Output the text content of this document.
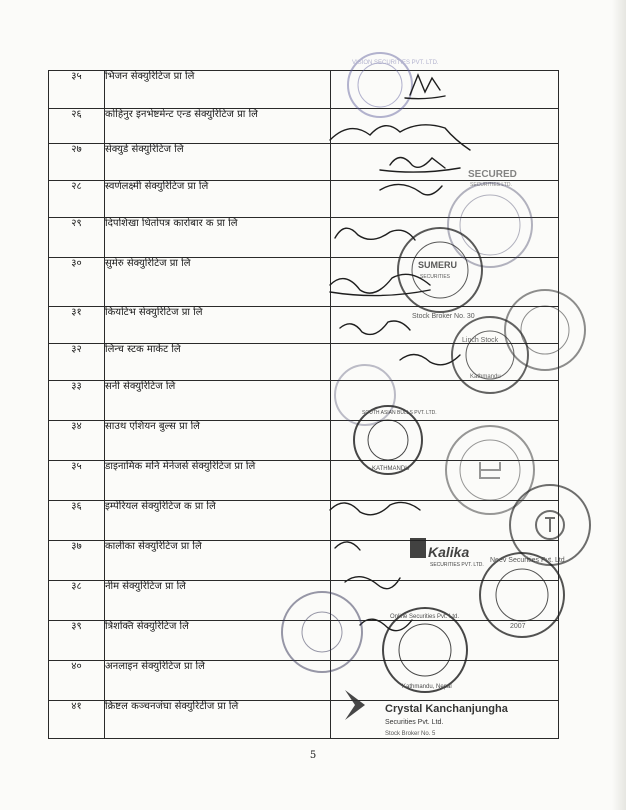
३५	भिजन सेक्युरिटिज प्रा लि	
२६	कोहिनुर इनभेष्टमेन्ट एन्ड सेक्युरिटिज प्रा लि	
२७	सेक्युर्ड सेक्युरिटिज लि	
२८	स्वर्णलक्ष्मी सेक्युरिटिज प्रा लि	
२९	दिपशिखा धितोपत्र कारोबार क प्रा लि	
३०	सुमेरु सेक्युरिटिज प्रा लि	
३१	कियटिभ सेक्युरिटिज प्रा लि	
३२	लिन्च स्टक मार्केट लि	
३३	सनी सेक्युरिटिज लि	
३४	साउथ एशियन बुल्स प्रा लि	
३५	डाइनामिक मनि मेनेजर्स सेक्युरिटिज प्रा लि	
३६	इम्पेरियल सेक्युरिटिज क प्रा लि	
३७	कालीका सेक्युरिटिज प्रा लि	
३८	नीम सेक्युरिटिज प्रा लि	
३९	त्रिशक्ति सेक्युरिटिज लि	
४०	अनलाइन सेक्युरिटिज प्रा लि	
४१	क्रिष्टल कञ्चनजंघा सेक्युरिटीज प्रा लि	
VISION SECURITIES PVT. LTD.
SECURED
SECURITIES LTD.
SUMERU
SECURITIES
Stock Broker No. 30
Linch Stock
Kathmandu
SOUTH ASIAN BULLS PVT. LTD.
KATHMANDU
Kalika
SECURITIES PVT. LTD.
Neev Securities Pvt. Ltd
2007
Online Securities Pvt. Ltd.
Kathmandu, Nepal
Crystal Kanchanjungha
Securities Pvt. Ltd.
Stock Broker No. 5
5
